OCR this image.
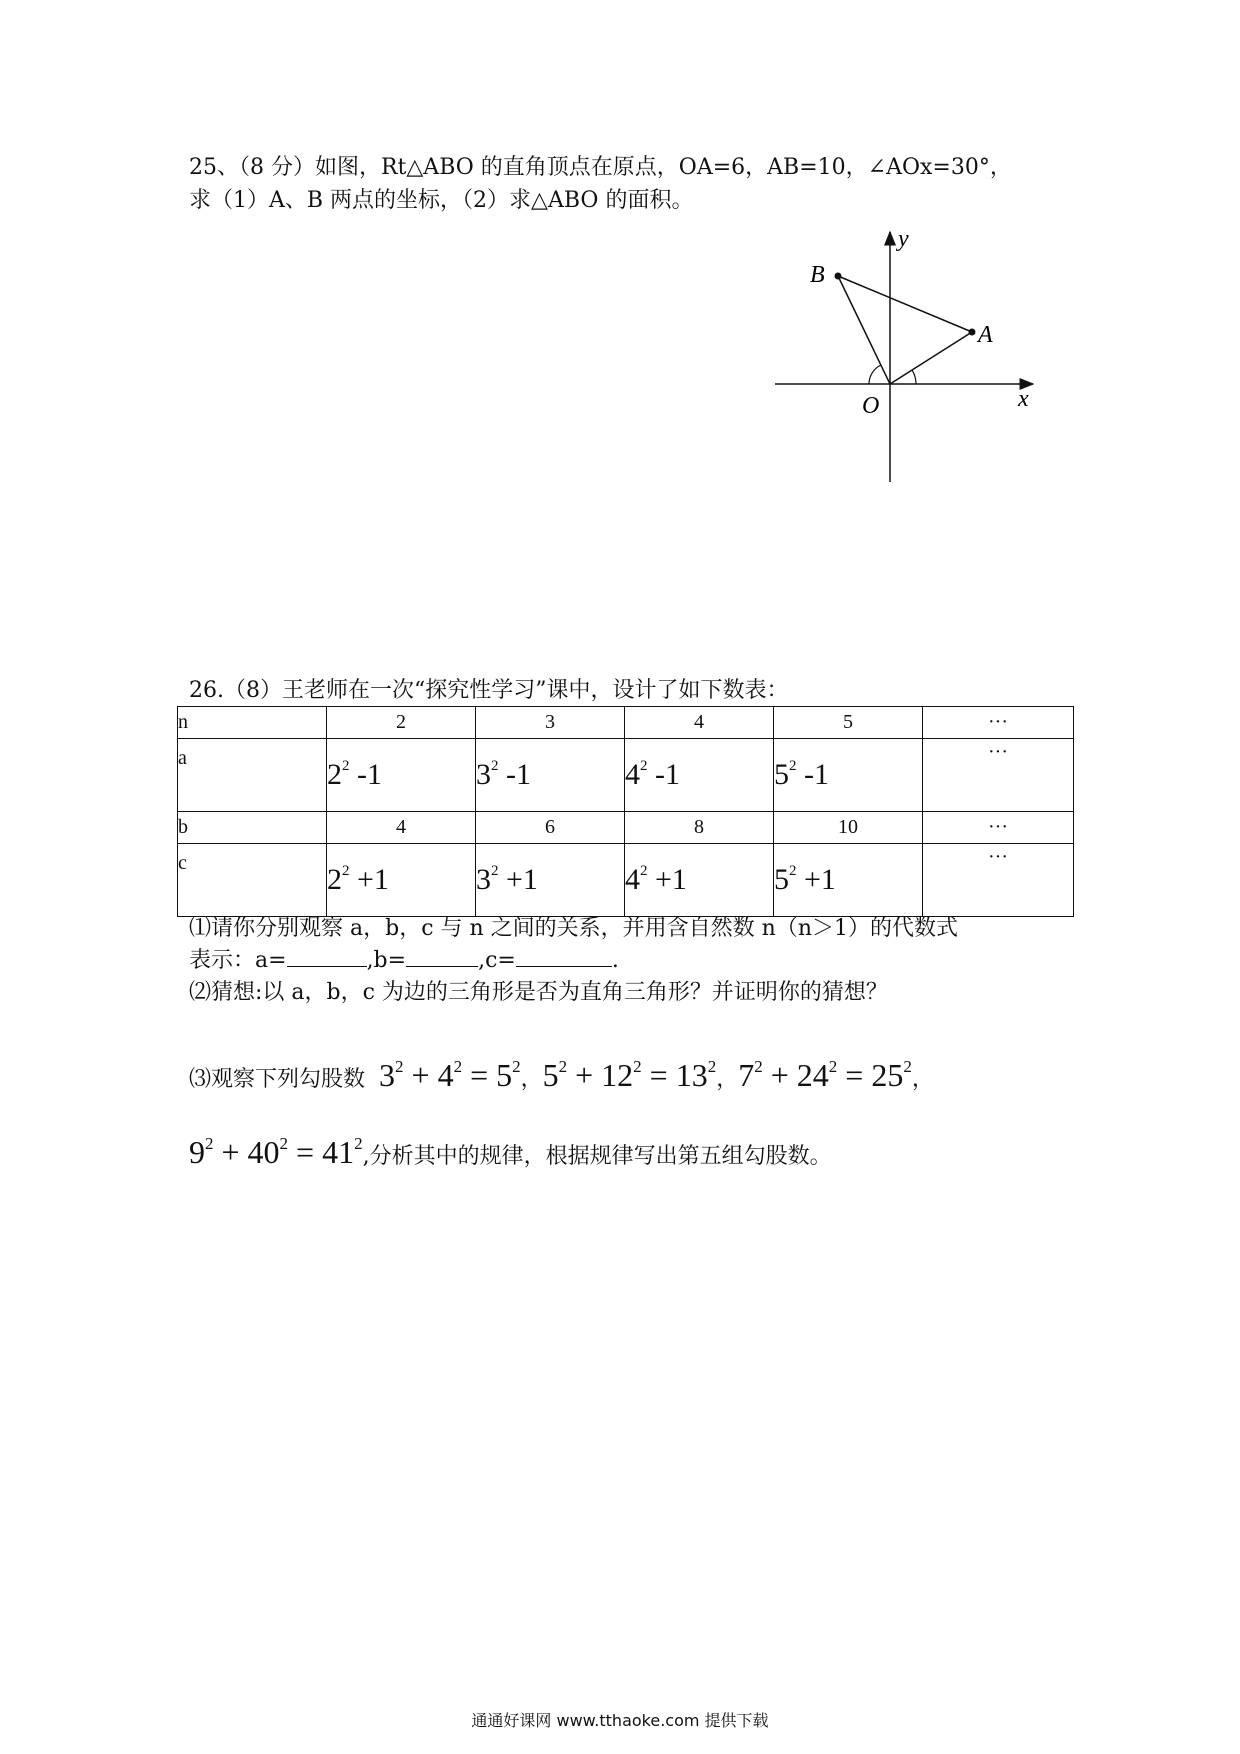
25、（8 分）如图，Rt△ABO 的直角顶点在原点，OA=6，AB=10，∠AOx=30°，
求（1）A、B 两点的坐标，（2）求△ABO 的面积。
B
A
O	x
y
26.（8）王老师在一次“探究性学习”课中，设计了如下数表：
n	2	3	4	5	···
a	$2^2$ -1	$3^2$ -1	$4^2$ -1	$5^2$ -1	···
b	4	6	8	10	···
c	$2^2 +1$	$3^2 +1$	$4^2 +1$	$5^2 +1$	···
⑴请你分别观察 a，b，c 与 n 之间的关系，并用含自然数 n（n＞1）的代数式
表示：a=	,b=	,c=	.
⑵猜想:以 a，b，c 为边的三角形是否为直角三角形？并证明你的猜想？
⑶观察下列勾股数 $3^2 + 4^2 = 5^2$，$5^2 + 12^2 = 13^2$，$7^2 + 24^2 = 25^2$，
$9^2 + 40^2 = 41^2$,分析其中的规律，根据规律写出第五组勾股数。
通通好课网 www.tthaoke.com 提供下载
